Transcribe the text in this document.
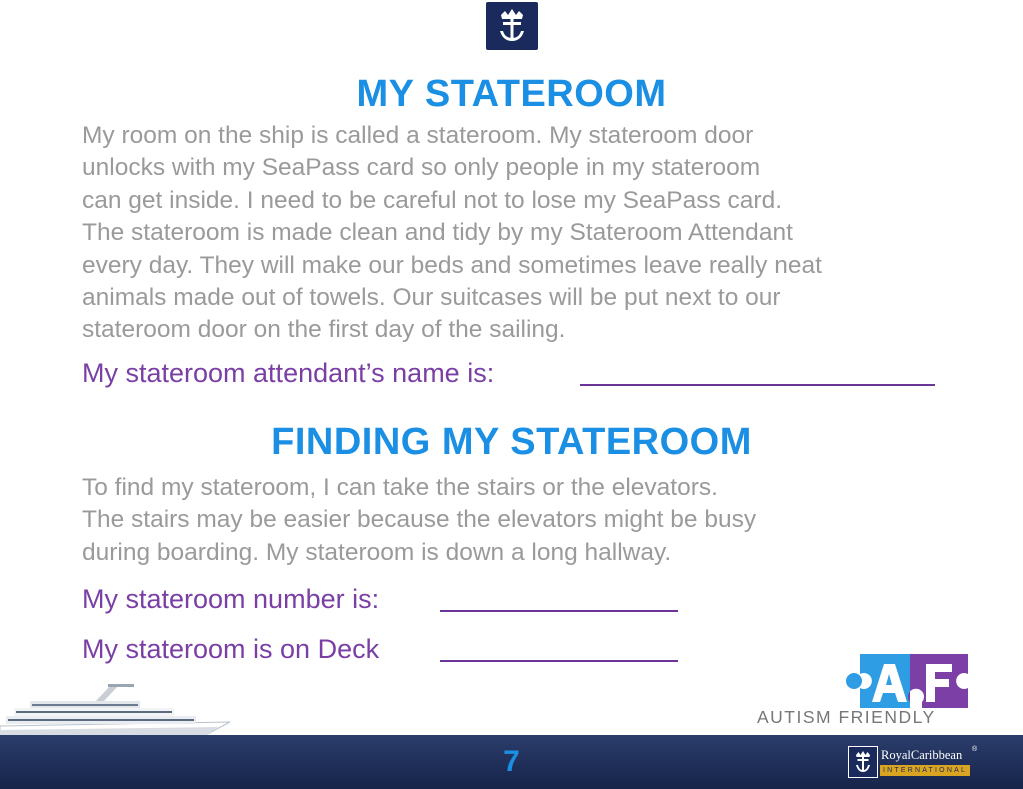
MY STATEROOM
My room on the ship is called a stateroom. My stateroom door
unlocks with my SeaPass card so only people in my stateroom
can get inside. I need to be careful not to lose my SeaPass card.
The stateroom is made clean and tidy by my Stateroom Attendant
every day. They will make our beds and sometimes leave really neat
animals made out of towels. Our suitcases will be put next to our
stateroom door on the first day of the sailing.

My stateroom attendant’s name is:

FINDING MY STATEROOM
To find my stateroom, I can take the stairs or the elevators.
The stairs may be easier because the elevators might be busy
during boarding. My stateroom is down a long hallway.

My stateroom number is:

My stateroom is on Deck

7
AUTISM FRIENDLY
RoyalCaribbean
INTERNATIONAL
®
